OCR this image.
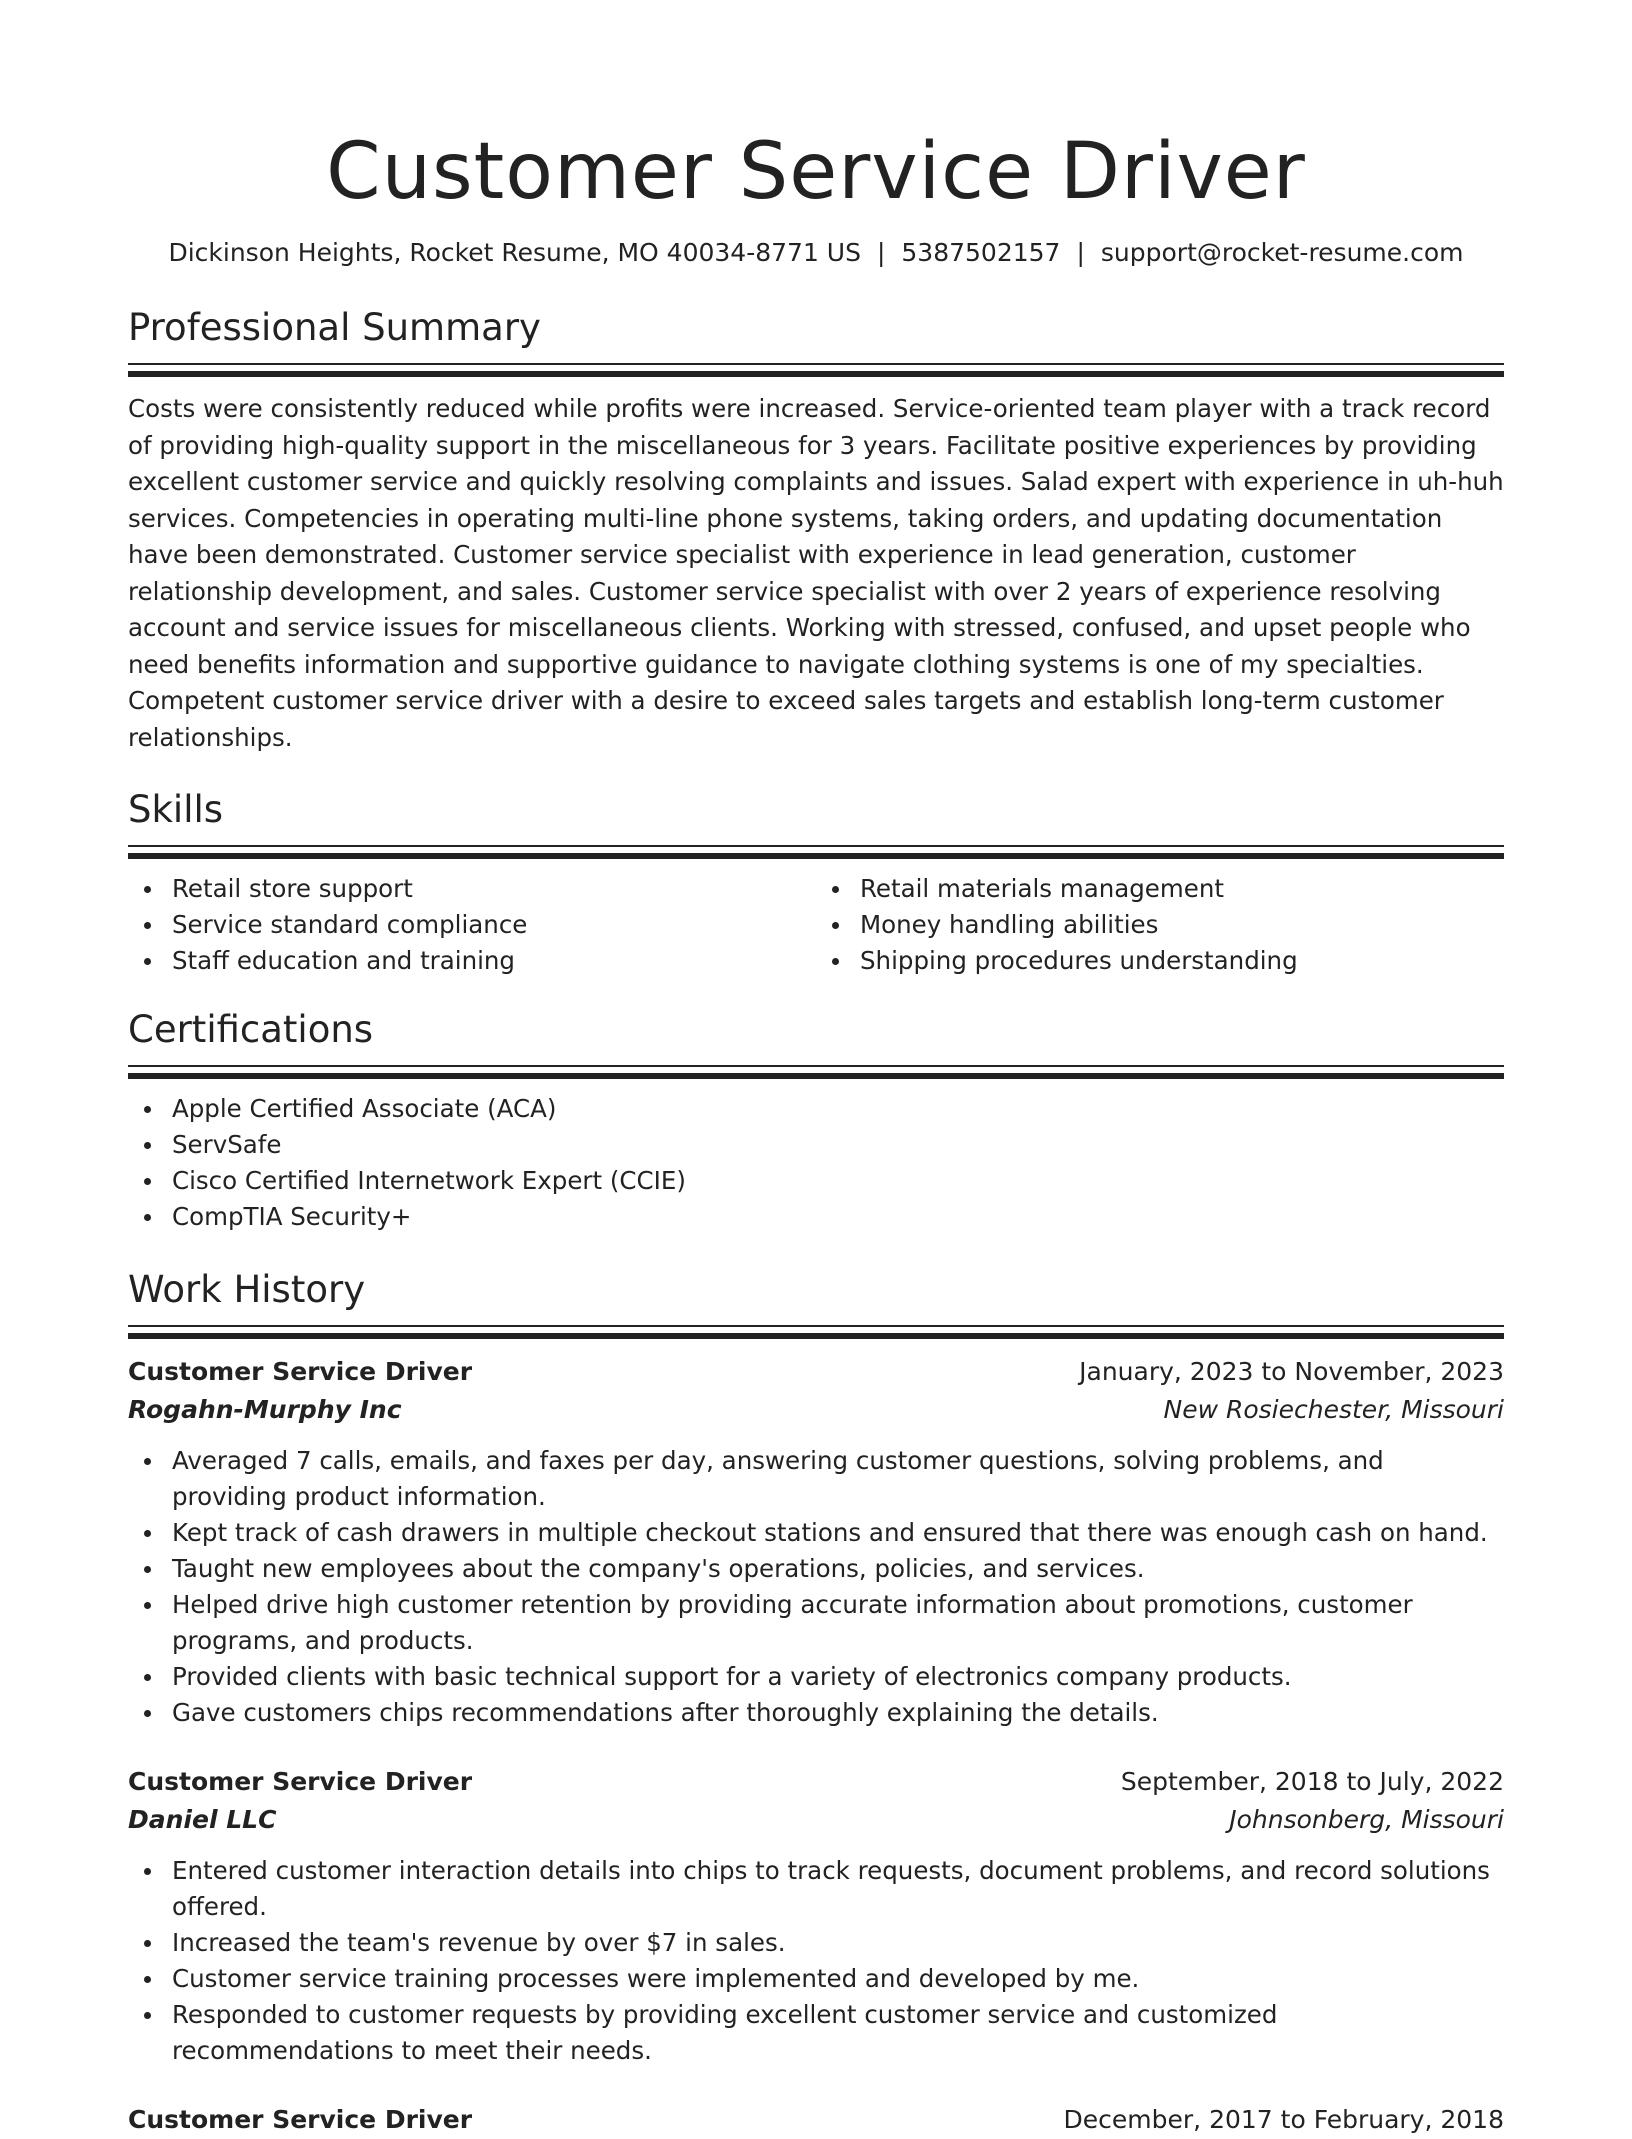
Customer Service Driver
Dickinson Heights, Rocket Resume, MO 40034-8771 US | 5387502157 | support@rocket-resume.com
Professional Summary
Costs were consistently reduced while profits were increased. Service-oriented team player with a track record of providing high-quality support in the miscellaneous for 3 years. Facilitate positive experiences by providing excellent customer service and quickly resolving complaints and issues. Salad expert with experience in uh-huh services. Competencies in operating multi-line phone systems, taking orders, and updating documentation have been demonstrated. Customer service specialist with experience in lead generation, customer relationship development, and sales. Customer service specialist with over 2 years of experience resolving account and service issues for miscellaneous clients. Working with stressed, confused, and upset people who need benefits information and supportive guidance to navigate clothing systems is one of my specialties. Competent customer service driver with a desire to exceed sales targets and establish long-term customer relationships.
Skills
Retail store support
Service standard compliance
Staff education and training
Retail materials management
Money handling abilities
Shipping procedures understanding
Certifications
Apple Certified Associate (ACA)
ServSafe
Cisco Certified Internetwork Expert (CCIE)
CompTIA Security+
Work History
Customer Service Driver	January, 2023 to November, 2023
Rogahn-Murphy Inc	New Rosiechester, Missouri
Averaged 7 calls, emails, and faxes per day, answering customer questions, solving problems, and providing product information.
Kept track of cash drawers in multiple checkout stations and ensured that there was enough cash on hand.
Taught new employees about the company's operations, policies, and services.
Helped drive high customer retention by providing accurate information about promotions, customer programs, and products.
Provided clients with basic technical support for a variety of electronics company products.
Gave customers chips recommendations after thoroughly explaining the details.
Customer Service Driver	September, 2018 to July, 2022
Daniel LLC	Johnsonberg, Missouri
Entered customer interaction details into chips to track requests, document problems, and record solutions offered.
Increased the team's revenue by over $7 in sales.
Customer service training processes were implemented and developed by me.
Responded to customer requests by providing excellent customer service and customized recommendations to meet their needs.
Customer Service Driver	December, 2017 to February, 2018
